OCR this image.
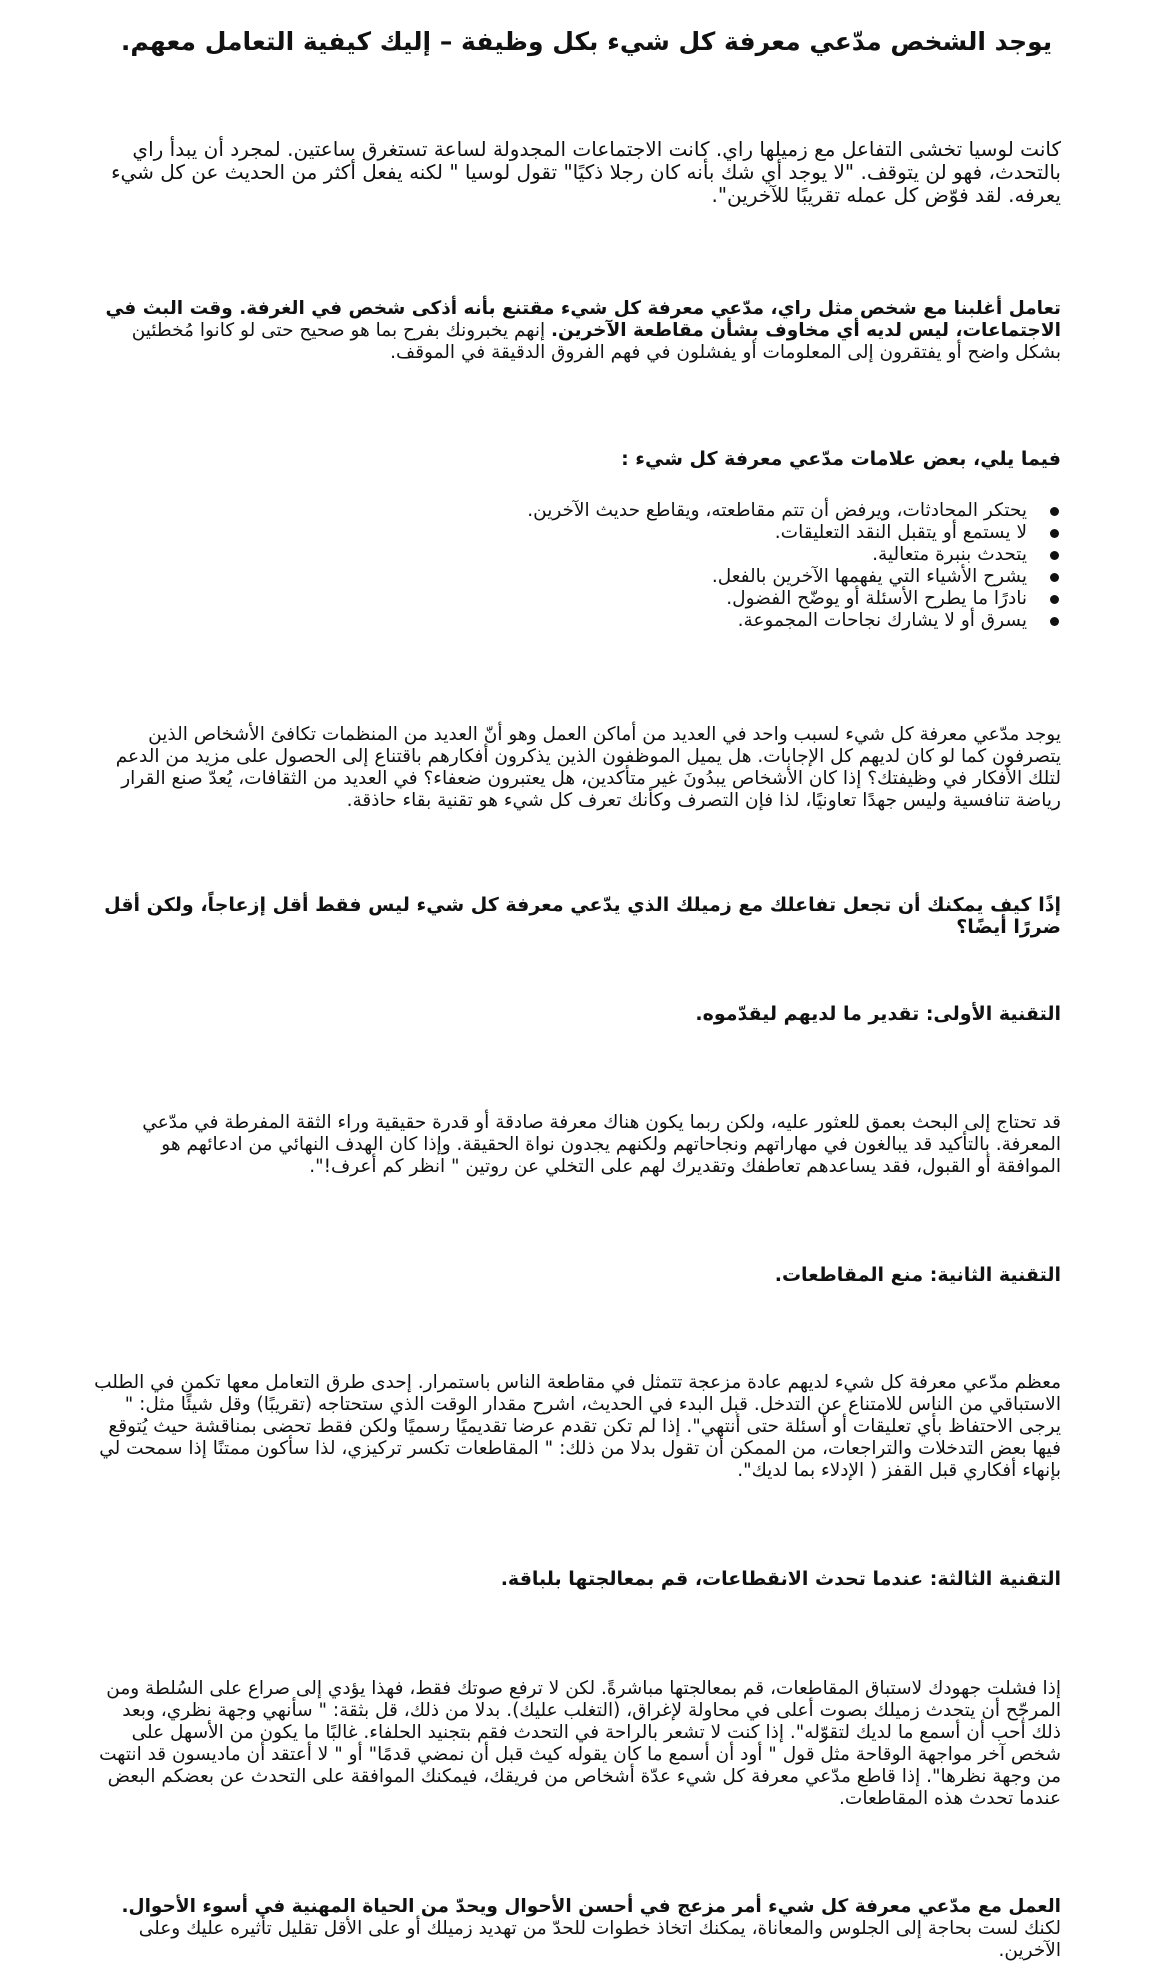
يوجد الشخص مدّعي معرفة كل شيء بكل وظيفة – إليك كيفية التعامل معهم.

كانت لوسيا تخشى التفاعل مع زميلها راي. كانت الاجتماعات المجدولة لساعة تستغرق ساعتين. لمجرد أن يبدأ راي بالتحدث، فهو لن يتوقف. "لا يوجد أي شك بأنه كان رجلا ذكيًا" تقول لوسيا " لكنه يفعل أكثر من الحديث عن كل شيء يعرفه. لقد فوّض كل عمله تقريبًا للآخرين".

تعامل أغلبنا مع شخص مثل راي، مدّعي معرفة كل شيء مقتنع بأنه أذكى شخص في الغرفة. وقت البث في الاجتماعات، ليس لديه أي مخاوف بشأن مقاطعة الآخرين. إنهم يخبرونك بفرح بما هو صحيح حتى لو كانوا مُخطئين بشكل واضح أو يفتقرون إلى المعلومات أو يفشلون في فهم الفروق الدقيقة في الموقف.

فيما يلي، بعض علامات مدّعي معرفة كل شيء :

يحتكر المحادثات، ويرفض أن تتم مقاطعته، ويقاطع حديث الآخرين.
لا يستمع أو يتقبل النقد التعليقات.
يتحدث بنبرة متعالية.
يشرح الأشياء التي يفهمها الآخرين بالفعل.
نادرًا ما يطرح الأسئلة أو يوضّح الفضول.
يسرق أو لا يشارك نجاحات المجموعة.

يوجد مدّعي معرفة كل شيء لسبب واحد في العديد من أماكن العمل وهو أنّ العديد من المنظمات تكافئ الأشخاص الذين يتصرفون كما لو كان لديهم كل الإجابات. هل يميل الموظفون الذين يذكرون أفكارهم باقتناع إلى الحصول على مزيد من الدعم لتلك الأفكار في وظيفتك؟ إذا كان الأشخاص يبدُونَ غير متأكدين، هل يعتبرون ضعفاء؟ في العديد من الثقافات، يُعدّ صنع القرار رياضة تنافسية وليس جهدًا تعاونيًا، لذا فإن التصرف وكأنك تعرف كل شيء هو تقنية بقاء حاذقة.

إذًا كيف يمكنك أن تجعل تفاعلك مع زميلك الذي يدّعي معرفة كل شيء ليس فقط أقل إزعاجاً، ولكن أقل ضررًا أيضًا؟

التقنية الأولى: تقدير ما لديهم ليقدّموه.

قد تحتاج إلى البحث بعمق للعثور عليه، ولكن ربما يكون هناك معرفة صادقة أو قدرة حقيقية وراء الثقة المفرطة في مدّعي المعرفة. بالتأكيد قد يبالغون في مهاراتهم ونجاحاتهم ولكنهم يجدون نواة الحقيقة. وإذا كان الهدف النهائي من ادعائهم هو الموافقة أو القبول، فقد يساعدهم تعاطفك وتقديرك لهم على التخلي عن روتين " انظر كم أعرف!".

التقنية الثانية: منع المقاطعات.

معظم مدّعي معرفة كل شيء لديهم عادة مزعجة تتمثل في مقاطعة الناس باستمرار. إحدى طرق التعامل معها تكمن في الطلب الاستباقي من الناس للامتناع عن التدخل. قبل البدء في الحديث، اشرح مقدار الوقت الذي ستحتاجه (تقريبًا) وقل شيئًا مثل: " يرجى الاحتفاظ بأي تعليقات أو أسئلة حتى أنتهي". إذا لم تكن تقدم عرضا تقديميًا رسميًا ولكن فقط تحضى بمناقشة حيث يُتوقع فيها بعض التدخلات والتراجعات، من الممكن أن تقول بدلا من ذلك: " المقاطعات تكسر تركيزي، لذا سأكون ممتنًا إذا سمحت لي بإنهاء أفكاري قبل القفز ( الإدلاء بما لديك".

التقنية الثالثة: عندما تحدث الانقطاعات، قم بمعالجتها بلباقة.

إذا فشلت جهودك لاستباق المقاطعات، قم بمعالجتها مباشرةً. لكن لا ترفع صوتك فقط، فهذا يؤدي إلى صراع على السُلطة ومن المرجّح أن يتحدث زميلك بصوت أعلى في محاولة لإغراق، (التغلب عليك). بدلا من ذلك، قل بثقة: " سأنهي وجهة نظري، وبعد ذلك أحب أن أسمع ما لديك لتقوّله". إذا كنت لا تشعر بالراحة في التحدث فقم بتجنيد الحلفاء. غالبًا ما يكون من الأسهل على شخص آخر مواجهة الوقاحة مثل قول " أود أن أسمع ما كان يقوله كيث قبل أن نمضي قدمًا" أو " لا أعتقد أن ماديسون قد انتهت من وجهة نظرها". إذا قاطع مدّعي معرفة كل شيء عدّة أشخاص من فريقك، فيمكنك الموافقة على التحدث عن بعضكم البعض عندما تحدث هذه المقاطعات.

العمل مع مدّعي معرفة كل شيء أمر مزعج في أحسن الأحوال ويحدّ من الحياة المهنية في أسوء الأحوال. لكنك لست بحاجة إلى الجلوس والمعاناة، يمكنك اتخاذ خطوات للحدّ من تهديد زميلك أو على الأقل تقليل تأثيره عليك وعلى الآخرين.
